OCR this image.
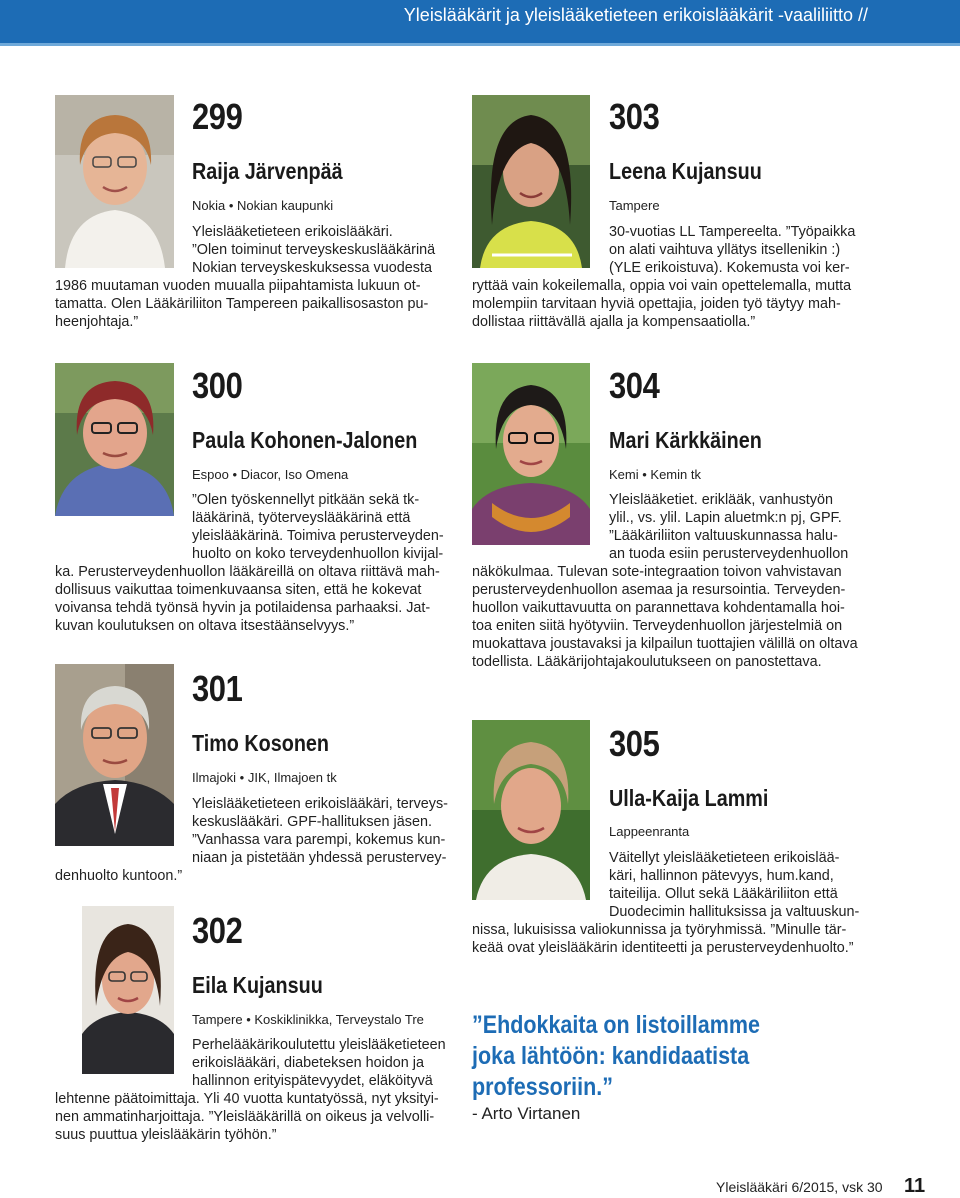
Yleislääkärit ja yleislääketieteen erikoislääkärit -vaaliliitto //
299
Raija Järvenpää
Nokia • Nokian kaupunki
Yleislääketieteen erikoislääkäri.
”Olen toiminut terveyskeskuslääkärinä
Nokian terveyskeskuksessa vuodesta
1986 muutaman vuoden muualla piipahtamista lukuun ot-
tamatta. Olen Lääkäriliiton Tampereen paikallisosaston pu-
heenjohtaja.”
300
Paula Kohonen-Jalonen
Espoo • Diacor, Iso Omena
”Olen työskennellyt pitkään sekä tk-
lääkärinä, työterveyslääkärinä että
yleislääkärinä. Toimiva perusterveyden-
huolto on koko terveydenhuollon kivijal-
ka. Perusterveydenhuollon lääkäreillä on oltava riittävä mah-
dollisuus vaikuttaa toimenkuvaansa siten, että he kokevat
voivansa tehdä työnsä hyvin ja potilaidensa parhaaksi. Jat-
kuvan koulutuksen on oltava itsestäänselvyys.”
301
Timo Kosonen
Ilmajoki • JIK, Ilmajoen tk
Yleislääketieteen erikoislääkäri, terveys-
keskuslääkäri. GPF-hallituksen jäsen.
”Vanhassa vara parempi, kokemus kun-
niaan ja pistetään yhdessä perustervey-
denhuolto kuntoon.”
302
Eila Kujansuu
Tampere • Koskiklinikka, Terveystalo Tre
Perhelääkärikoulutettu yleislääketieteen
erikoislääkäri, diabeteksen hoidon ja
hallinnon erityispätevyydet, eläköityvä
lehtenne päätoimittaja. Yli 40 vuotta kuntatyössä, nyt yksityi-
nen ammatinharjoittaja. ”Yleislääkärillä on oikeus ja velvolli-
suus puuttua yleislääkärin työhön.”
303
Leena Kujansuu
Tampere
30-vuotias LL Tampereelta. ”Työpaikka
on alati vaihtuva yllätys itsellenikin :)
(YLE erikoistuva). Kokemusta voi ker-
ryttää vain kokeilemalla, oppia voi vain opettelemalla, mutta
molempiin tarvitaan hyviä opettajia, joiden työ täytyy mah-
dollistaa riittävällä ajalla ja kompensaatiolla.”
304
Mari Kärkkäinen
Kemi • Kemin tk
Yleislääketiet. eriklääk, vanhustyön
ylil., vs. ylil. Lapin aluetmk:n pj, GPF.
”Lääkäriliiton valtuuskunnassa halu-
an tuoda esiin perusterveydenhuollon
näkökulmaa. Tulevan sote-integraation toivon vahvistavan
perusterveydenhuollon asemaa ja resursointia. Terveyden-
huollon vaikuttavuutta on parannettava kohdentamalla hoi-
toa eniten siitä hyötyviin. Terveydenhuollon järjestelmiä on
muokattava joustavaksi ja kilpailun tuottajien välillä on oltava
todellista. Lääkärijohtajakoulutukseen on panostettava.
305
Ulla-Kaija Lammi
Lappeenranta
Väitellyt yleislääketieteen erikoislää-
käri, hallinnon pätevyys, hum.kand,
taiteilija. Ollut sekä Lääkäriliiton että
Duodecimin hallituksissa ja valtuuskun-
nissa, lukuisissa valiokunnissa ja työryhmissä. ”Minulle tär-
keää ovat yleislääkärin identiteetti ja perusterveydenhuolto.”
”Ehdokkaita on listoillamme
joka lähtöön: kandidaatista
professoriin.”
- Arto Virtanen
Yleislääkäri 6/2015, vsk 30 11
